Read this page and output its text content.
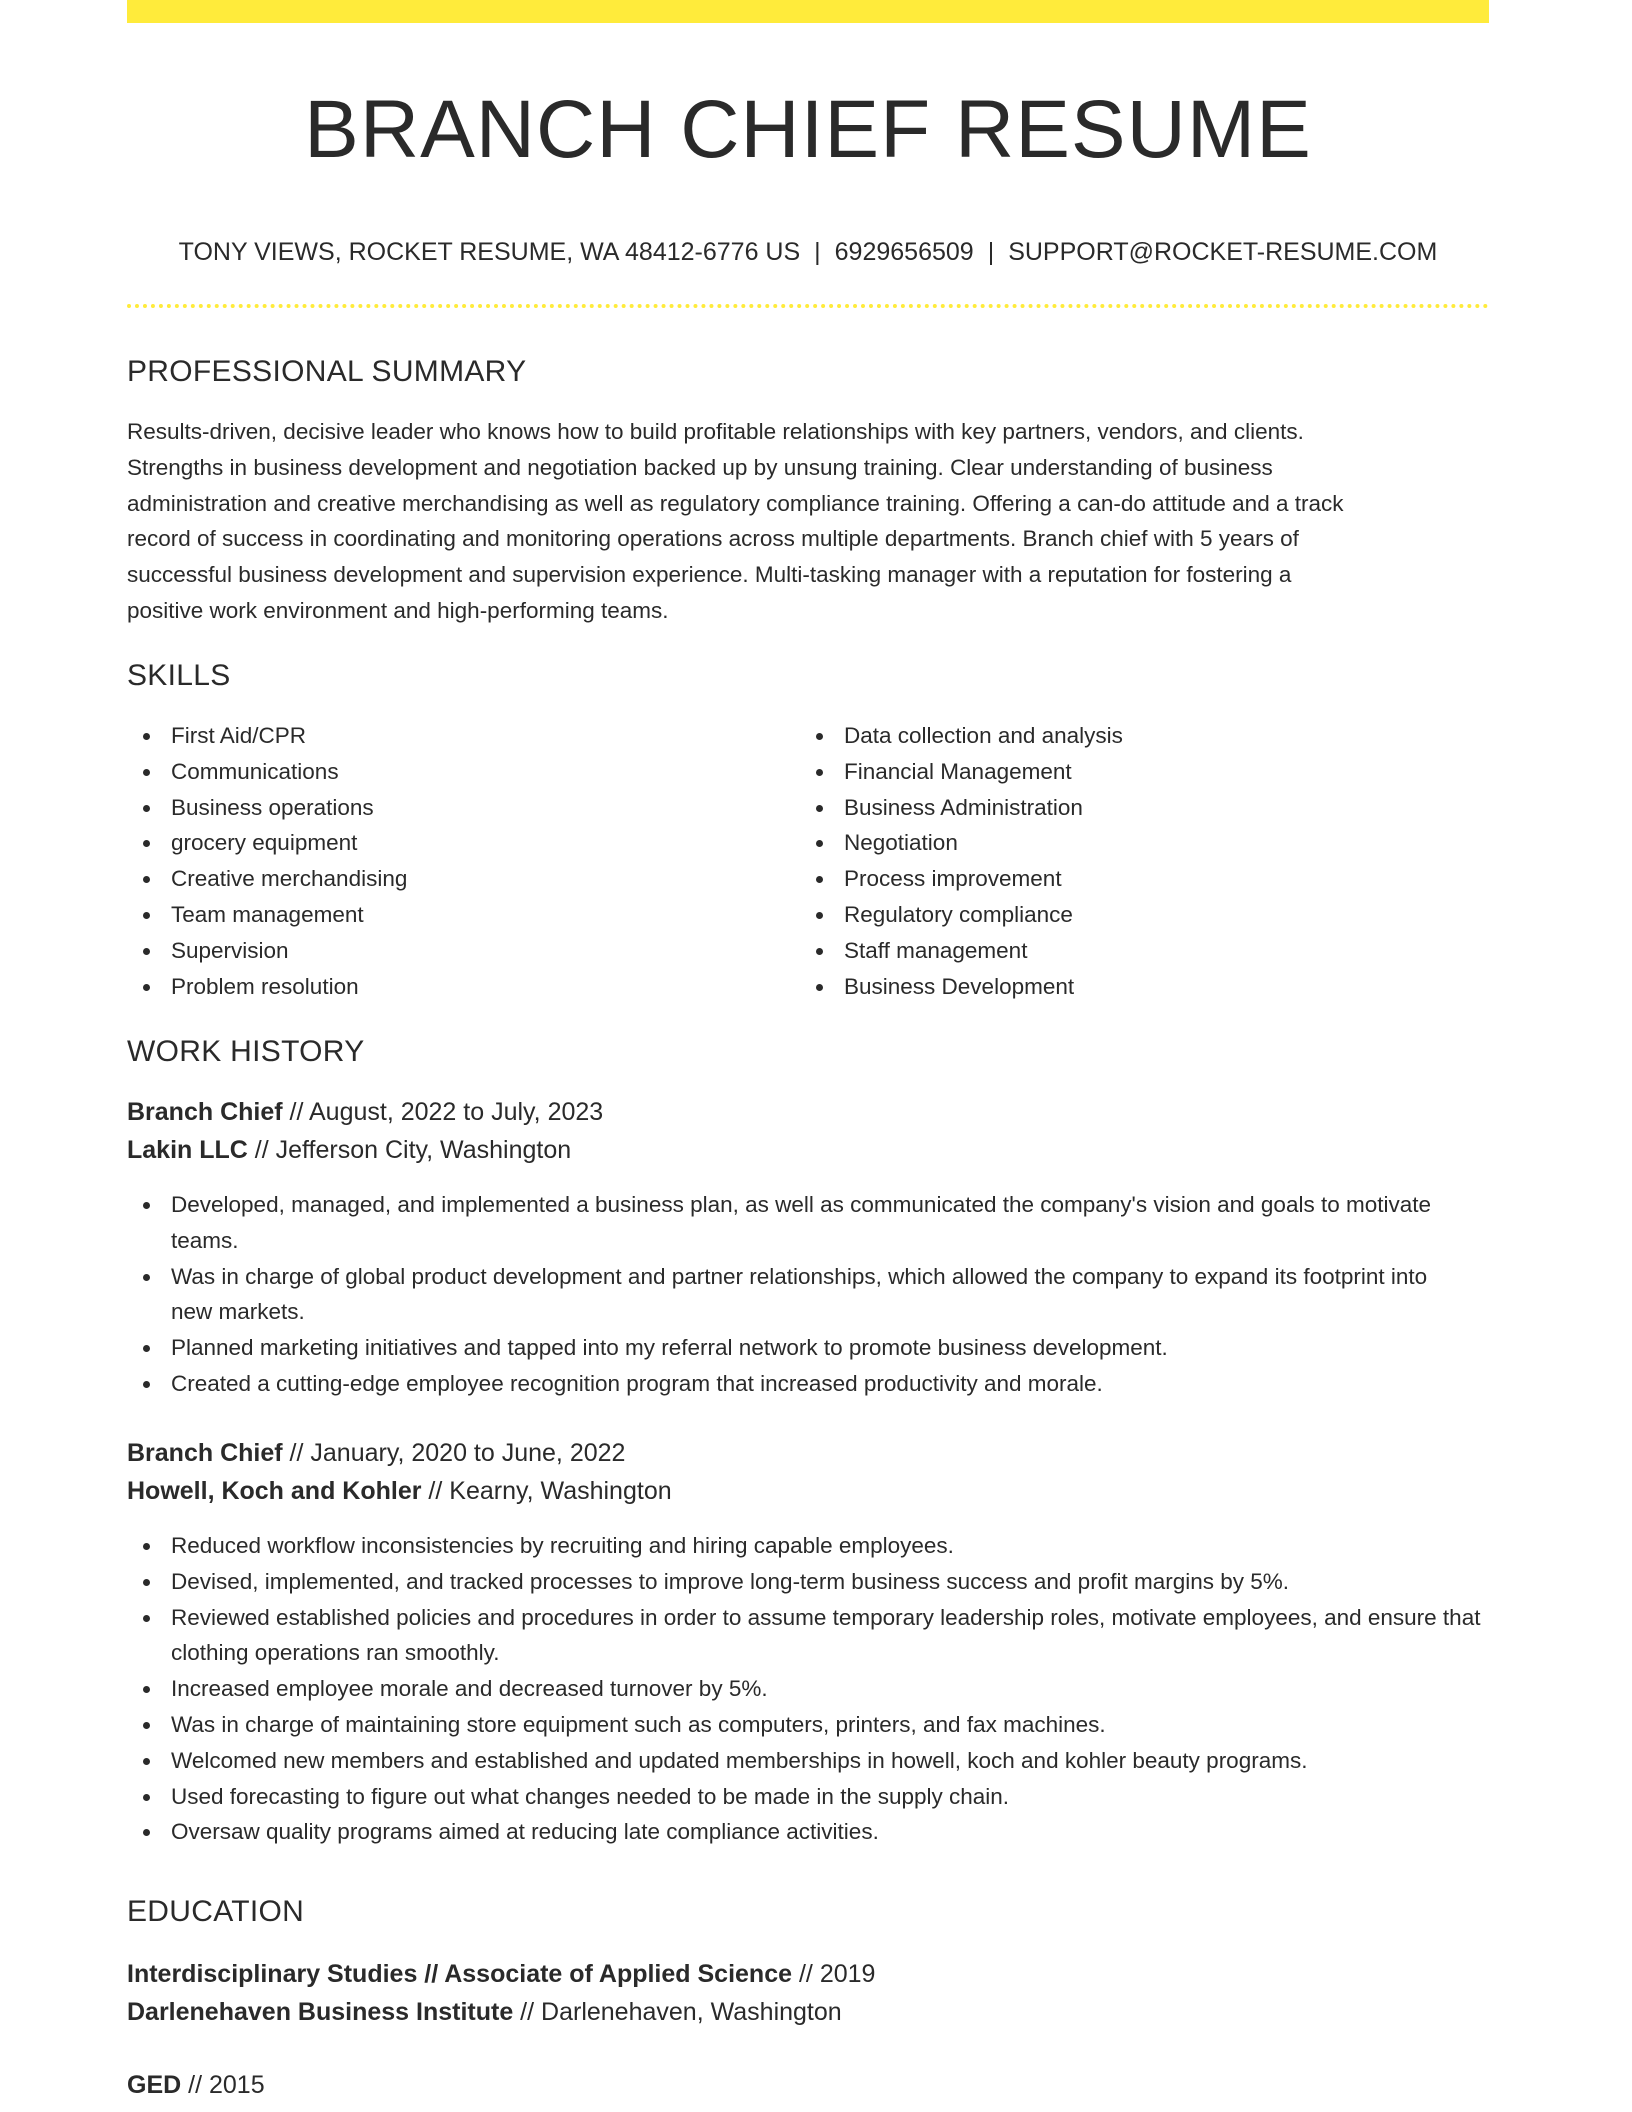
BRANCH CHIEF RESUME
TONY VIEWS, ROCKET RESUME, WA 48412-6776 US | 6929656509 | SUPPORT@ROCKET-RESUME.COM
PROFESSIONAL SUMMARY
Results-driven, decisive leader who knows how to build profitable relationships with key partners, vendors, and clients.
Strengths in business development and negotiation backed up by unsung training. Clear understanding of business
administration and creative merchandising as well as regulatory compliance training. Offering a can-do attitude and a track
record of success in coordinating and monitoring operations across multiple departments. Branch chief with 5 years of
successful business development and supervision experience. Multi-tasking manager with a reputation for fostering a
positive work environment and high-performing teams.
SKILLS
First Aid/CPR
Communications
Business operations
grocery equipment
Creative merchandising
Team management
Supervision
Problem resolution
Data collection and analysis
Financial Management
Business Administration
Negotiation
Process improvement
Regulatory compliance
Staff management
Business Development
WORK HISTORY
Branch Chief // August, 2022 to July, 2023
Lakin LLC // Jefferson City, Washington
Developed, managed, and implemented a business plan, as well as communicated the company's vision and goals to motivate teams.
Was in charge of global product development and partner relationships, which allowed the company to expand its footprint into new markets.
Planned marketing initiatives and tapped into my referral network to promote business development.
Created a cutting-edge employee recognition program that increased productivity and morale.
Branch Chief // January, 2020 to June, 2022
Howell, Koch and Kohler // Kearny, Washington
Reduced workflow inconsistencies by recruiting and hiring capable employees.
Devised, implemented, and tracked processes to improve long-term business success and profit margins by 5%.
Reviewed established policies and procedures in order to assume temporary leadership roles, motivate employees, and ensure that clothing operations ran smoothly.
Increased employee morale and decreased turnover by 5%.
Was in charge of maintaining store equipment such as computers, printers, and fax machines.
Welcomed new members and established and updated memberships in howell, koch and kohler beauty programs.
Used forecasting to figure out what changes needed to be made in the supply chain.
Oversaw quality programs aimed at reducing late compliance activities.
EDUCATION
Interdisciplinary Studies // Associate of Applied Science // 2019
Darlenehaven Business Institute // Darlenehaven, Washington
GED // 2015
